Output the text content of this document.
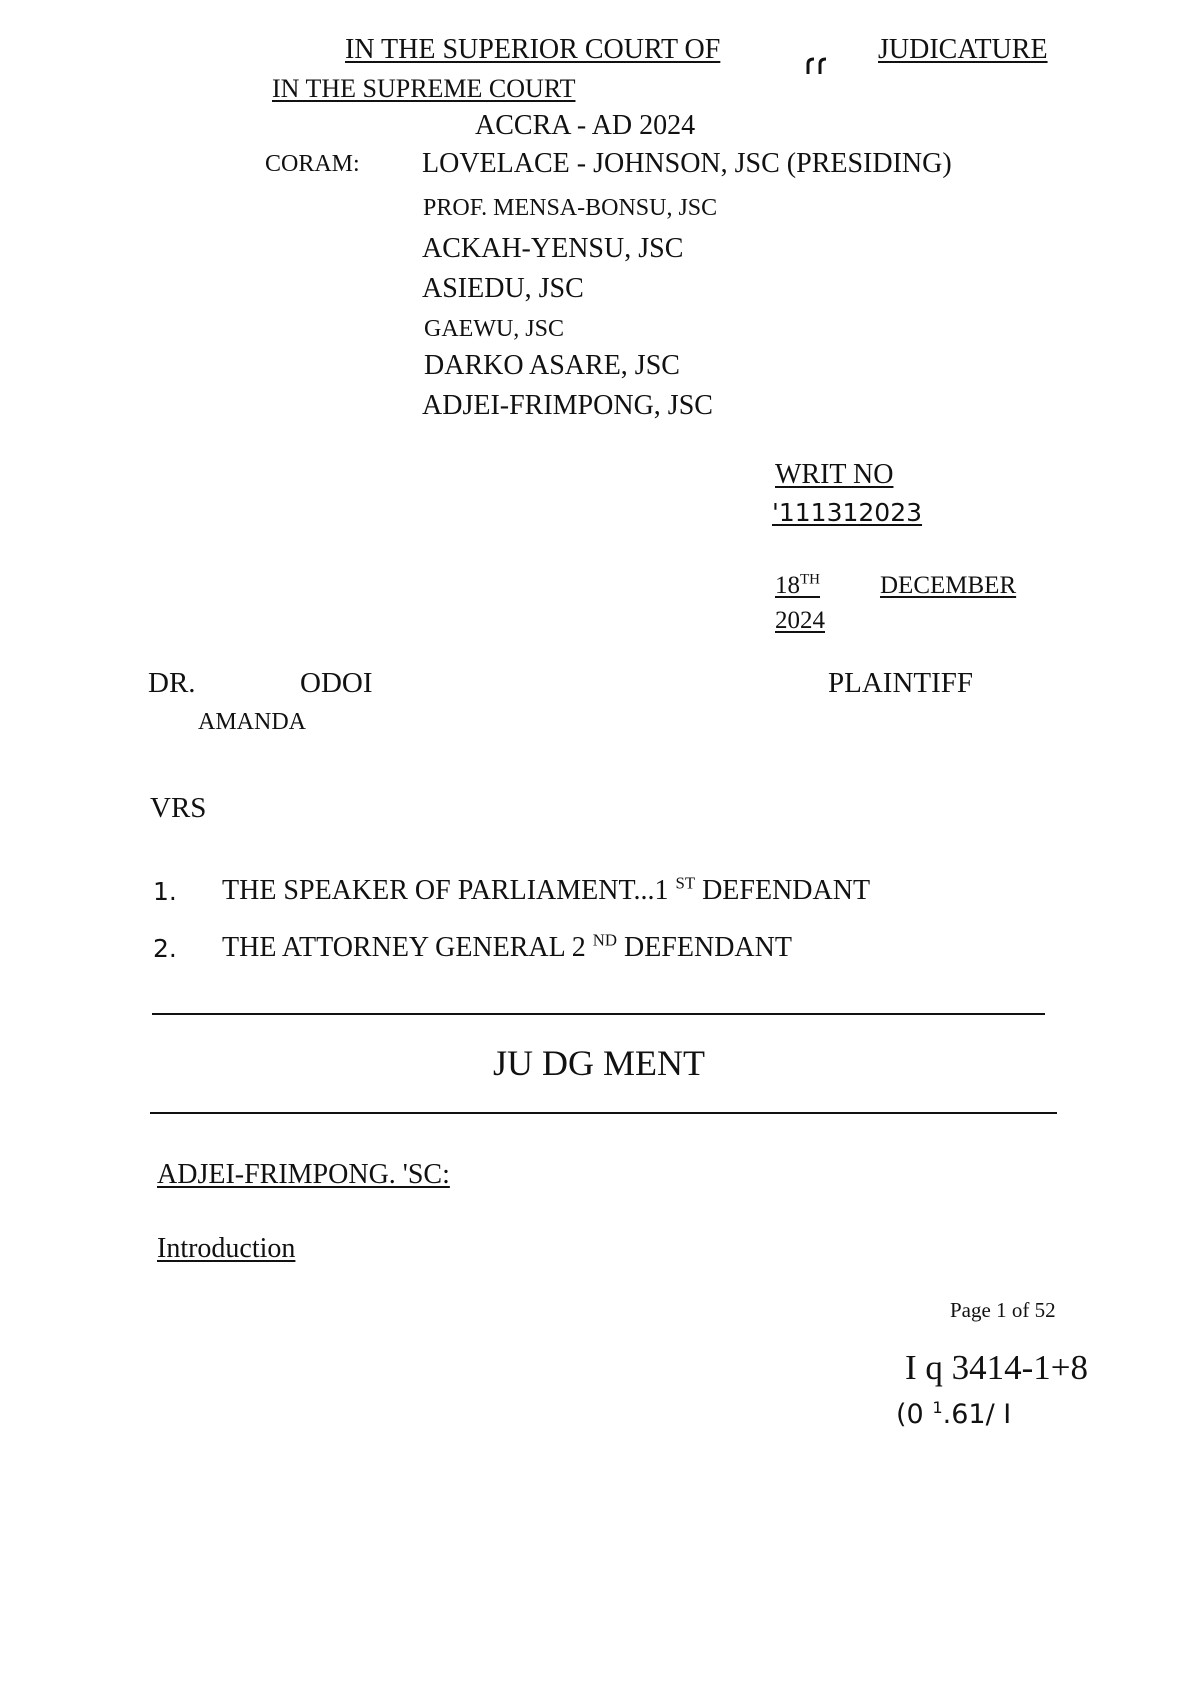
IN THE SUPERIOR COURT OF	JUDICATURE
IN THE SUPREME COURT
ACCRA - AD 2024
CORAM: LOVELACE - JOHNSON, JSC (PRESIDING)
PROF. MENSA-BONSU, JSC
ACKAH-YENSU, JSC
ASIEDU, JSC
GAEWU, JSC
DARKO ASARE, JSC
ADJEI-FRIMPONG, JSC
WRIT NO
'111312023
18TH DECEMBER
2024
DR.	ODOI
AMANDA
PLAINTIFF
VRS
1. THE SPEAKER OF PARLIAMENT...1 $^{ST}$ DEFENDANT
2. THE ATTORNEY GENERAL 2 $^{ND}$ DEFENDANT
JU DG MENT
ADJEI-FRIMPONG. 'SC:
Introduction
Page 1 of 52
I q 3414-1+8
(0 $^1$.61/ I
